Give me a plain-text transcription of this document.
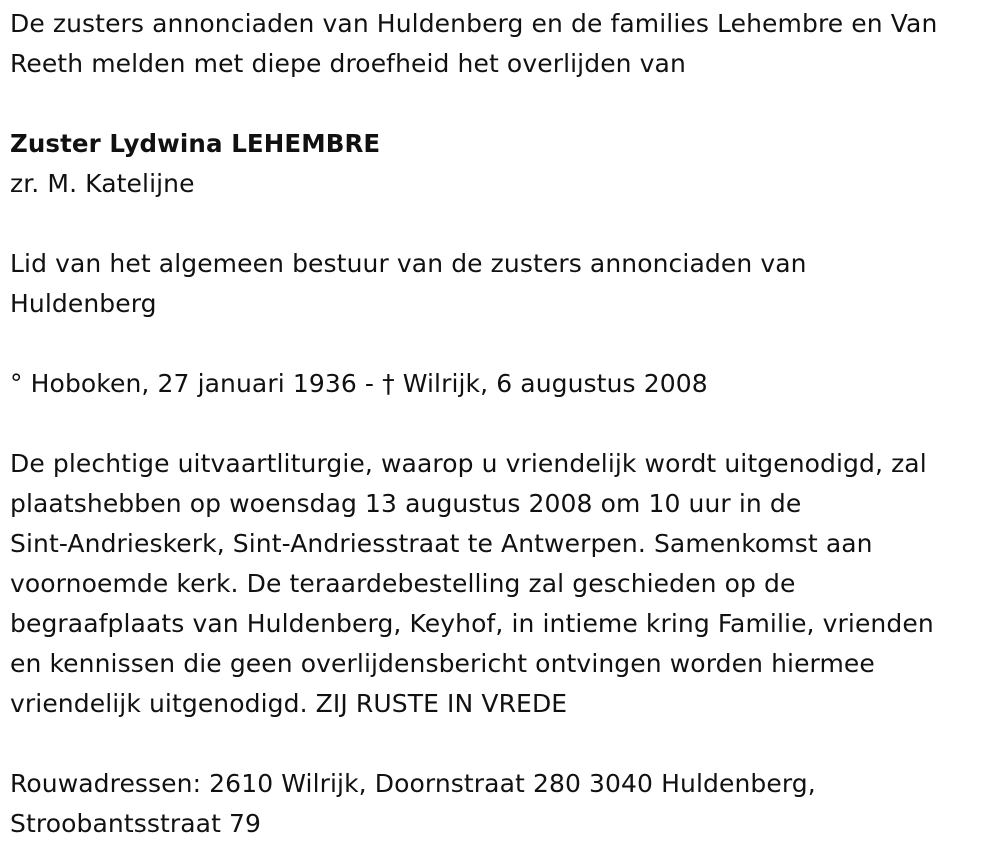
De zusters annonciaden van Huldenberg en de families Lehembre en Van
Reeth melden met diepe droefheid het overlijden van
Zuster Lydwina LEHEMBRE
zr. M. Katelijne
Lid van het algemeen bestuur van de zusters annonciaden van
Huldenberg
° Hoboken, 27 januari 1936 - † Wilrijk, 6 augustus 2008
De plechtige uitvaartliturgie, waarop u vriendelijk wordt uitgenodigd, zal
plaatshebben op woensdag 13 augustus 2008 om 10 uur in de
Sint-Andrieskerk, Sint-Andriesstraat te Antwerpen. Samenkomst aan
voornoemde kerk. De teraardebestelling zal geschieden op de
begraafplaats van Huldenberg, Keyhof, in intieme kring Familie, vrienden
en kennissen die geen overlijdensbericht ontvingen worden hiermee
vriendelijk uitgenodigd. ZIJ RUSTE IN VREDE
Rouwadressen: 2610 Wilrijk, Doornstraat 280 3040 Huldenberg,
Stroobantsstraat 79
